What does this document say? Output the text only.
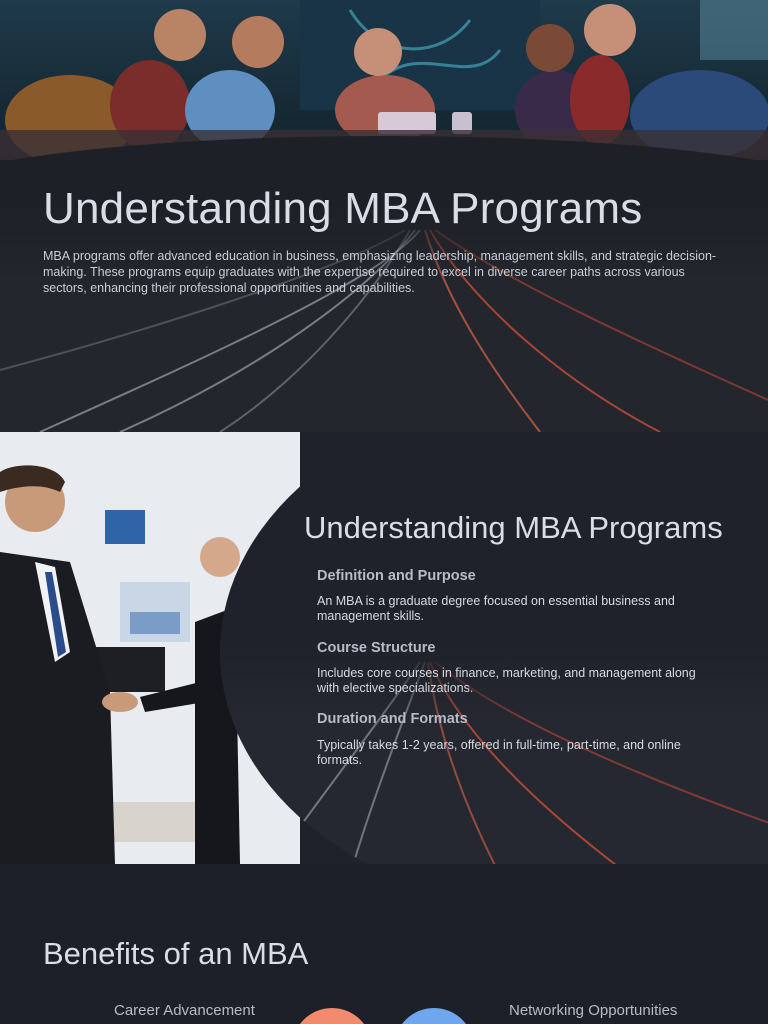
Understanding MBA Programs

MBA programs offer advanced education in business, emphasizing leadership, management skills, and strategic decision-making. These programs equip graduates with the expertise required to excel in diverse career paths across various sectors, enhancing their professional opportunities and capabilities.

Understanding MBA Programs
Definition and Purpose

An MBA is a graduate degree focused on essential business and management skills.

Course Structure

Includes core courses in finance, marketing, and management along with elective specializations.

Duration and Formats

Typically takes 1-2 years, offered in full-time, part-time, and online formats.

Benefits of an MBA

Career Advancement	Networking Opportunities
